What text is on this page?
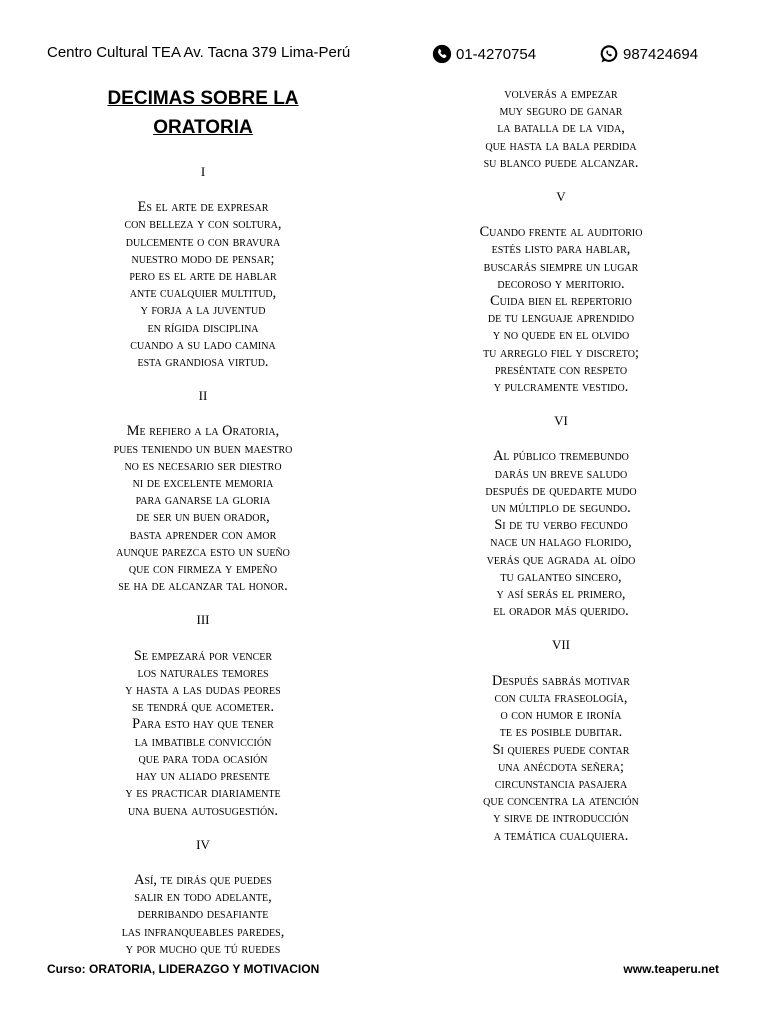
Centro Cultural TEA Av. Tacna 379 Lima-Perú	01-4270754	987424694
DECIMAS SOBRE LA
ORATORIA
I
Es el arte de expresar
con belleza y con soltura,
dulcemente o con bravura
nuestro modo de pensar;
pero es el arte de hablar
ante cualquier multitud,
y forja a la juventud
en rígida disciplina
cuando a su lado camina
esta grandiosa virtud.
II
Me refiero a la Oratoria,
pues teniendo un buen maestro
no es necesario ser diestro
ni de excelente memoria
para ganarse la gloria
de ser un buen orador,
basta aprender con amor
aunque parezca esto un sueño
que con firmeza y empeño
se ha de alcanzar tal honor.
III
Se empezará por vencer
los naturales temores
y hasta a las dudas peores
se tendrá que acometer.
Para esto hay que tener
la imbatible convicción
que para toda ocasión
hay un aliado presente
y es practicar diariamente
una buena autosugestión.
IV
Así, te dirás que puedes
salir en todo adelante,
derribando desafiante
las infranqueables paredes,
y por mucho que tú ruedes
volverás a empezar
muy seguro de ganar
la batalla de la vida,
que hasta la bala perdida
su blanco puede alcanzar.
V
Cuando frente al auditorio
estés listo para hablar,
buscarás siempre un lugar
decoroso y meritorio.
Cuida bien el repertorio
de tu lenguaje aprendido
y no quede en el olvido
tu arreglo fiel y discreto;
preséntate con respeto
y pulcramente vestido.
VI
Al público tremebundo
darás un breve saludo
después de quedarte mudo
un múltiplo de segundo.
Si de tu verbo fecundo
nace un halago florido,
verás que agrada al oído
tu galanteo sincero,
y así serás el primero,
el orador más querido.
VII
Después sabrás motivar
con culta fraseología,
o con humor e ironía
te es posible dubitar.
Si quieres puede contar
una anécdota señera;
circunstancia pasajera
que concentra la atención
y sirve de introducción
a temática cualquiera.
Curso: ORATORIA, LIDERAZGO Y MOTIVACION	www.teaperu.net
